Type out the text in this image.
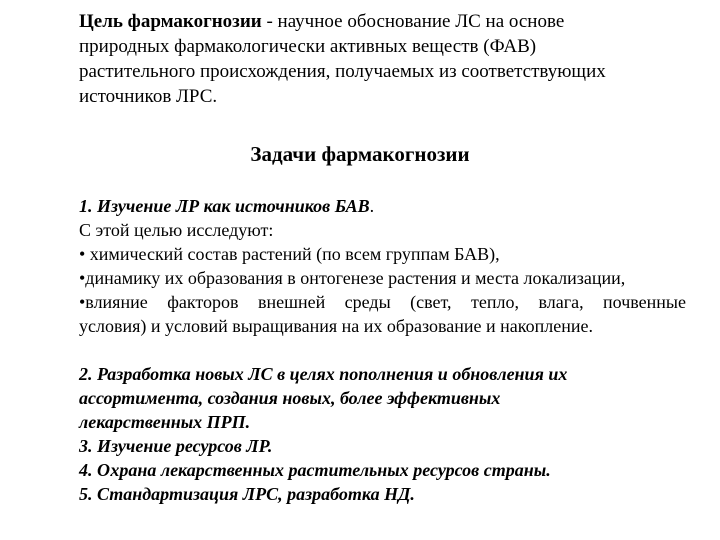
Цель фармакогнозии - научное обоснование ЛС на основе
природных фармакологически активных веществ (ФАВ)
растительного происхождения, получаемых из соответствующих
источников ЛРС.
Задачи фармакогнозии
1. Изучение ЛР как источников БАВ.
С этой целью исследуют:
• химический состав растений (по всем группам БАВ),
•динамику их образования в онтогенезе растения и места локализации,
•влияние факторов внешней среды (свет, тепло, влага, почвенные
условия) и условий выращивания на их образование и накопление.
2. Разработка новых ЛС в целях пополнения и обновления их
ассортимента, создания новых, более эффективных
лекарственных ПРП.
3. Изучение ресурсов ЛР.
4. Охрана лекарственных растительных ресурсов страны.
5. Стандартизация ЛРС, разработка НД.
